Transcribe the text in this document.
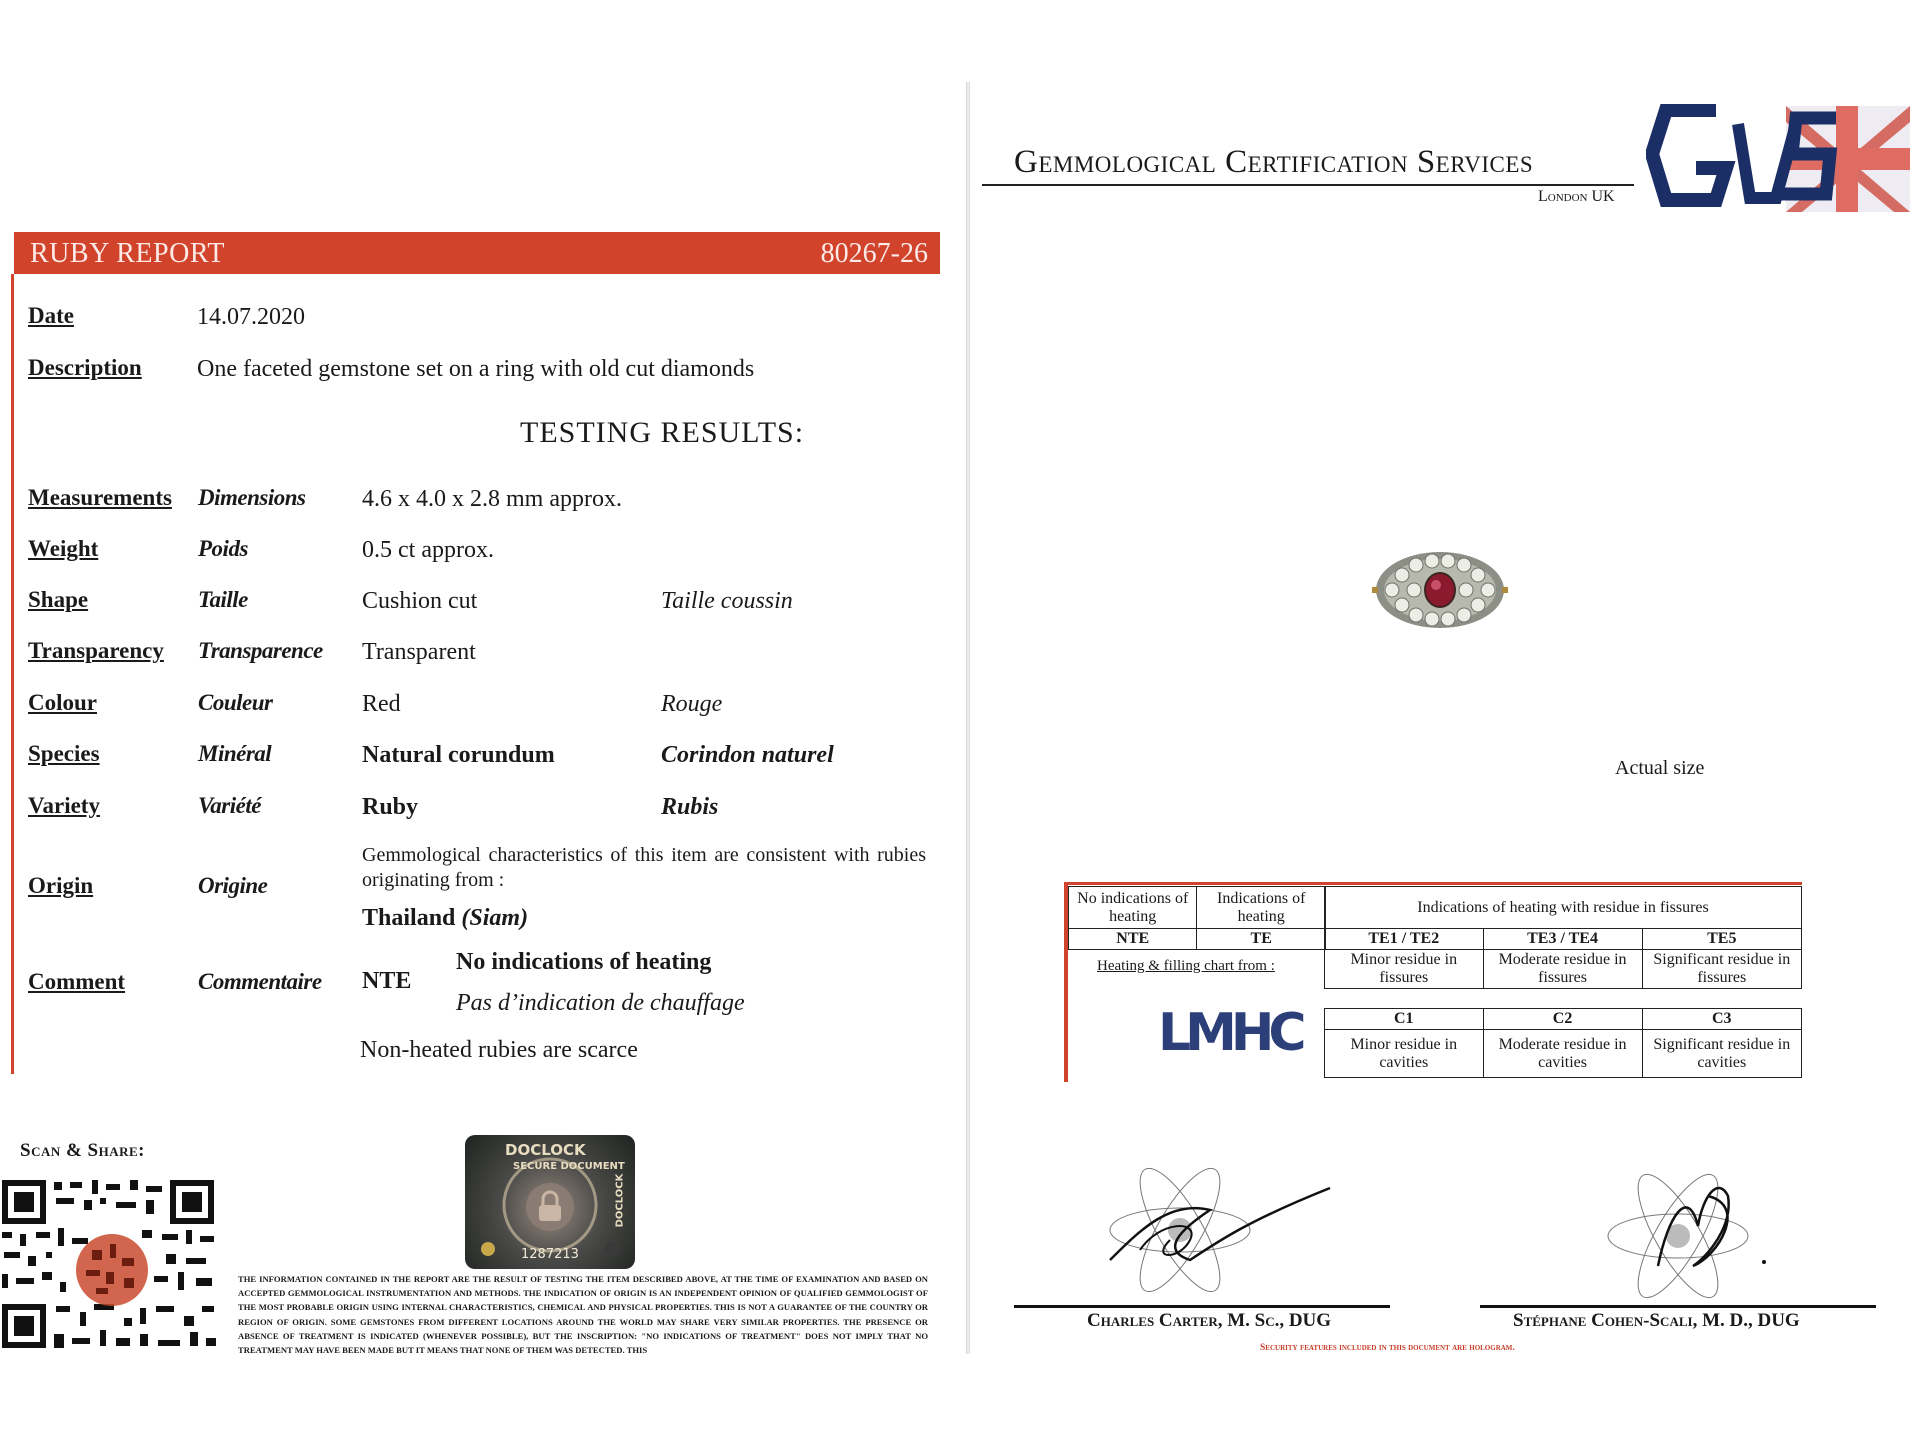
RUBY REPORT	80267-26
Date	14.07.2020
Description One faceted gemstone set on a ring with old cut diamonds
TESTING RESULTS:
Measurements Dimensions 4.6 x 4.0 x 2.8 mm approx.
Weight	Poids	0.5 ct approx.
Shape	Taille	Cushion cut	Taille coussin
Transparency Transparence Transparent
Colour	Couleur	Red	Rouge
Species	Minéral	Natural corundum	Corindon naturel
Variety	Variété	Ruby	Rubis
Origin	Origine
Gemmological characteristics of this item are consistent with rubies originating from :
Thailand (Siam)
Comment	Commentaire NTE
No indications of heating
Pas d’indication de chauffage
Non-heated rubies are scarce
Scan & Share:	DOCLOCK
SECURE DOCUMENT
DOCLOCK
1287213
THE INFORMATION CONTAINED IN THE REPORT ARE THE RESULT OF TESTING THE ITEM DESCRIBED ABOVE, AT THE TIME OF EXAMINATION AND BASED ON ACCEPTED GEMMOLOGICAL INSTRUMENTATION AND METHODS. THE INDICATION OF ORIGIN IS AN INDEPENDENT OPINION OF QUALIFIED GEMMOLOGIST OF THE MOST PROBABLE ORIGIN USING INTERNAL CHARACTERISTICS, CHEMICAL AND PHYSICAL PROPERTIES. THIS IS NOT A GUARANTEE OF THE COUNTRY OR REGION OF ORIGIN. SOME GEMSTONES FROM DIFFERENT LOCATIONS AROUND THE WORLD MAY SHARE VERY SIMILAR PROPERTIES. THE PRESENCE OR ABSENCE OF TREATMENT IS INDICATED (WHENEVER POSSIBLE), BUT THE INSCRIPTION: "NO INDICATIONS OF TREATMENT" DOES NOT IMPLY THAT NO TREATMENT MAY HAVE BEEN MADE BUT IT MEANS THAT NONE OF THEM WAS DETECTED. THIS
Gemmological Certification Services
London UK
Actual size
No indications of heating	Indications of heating
NTE	TE
Indications of heating with residue in fissures		
TE1 / TE2	TE3 / TE4	TE5
Minor residue in fissures	Moderate residue in fissures	Significant residue in fissures
Heating & filling chart from :
LMHC	C1	C2	C3
Minor residue in cavities	Moderate residue in cavities	Significant residue in cavities
Charles Carter, M. Sc., DUG	Stéphane Cohen-Scali, M. D., DUG
Security features included in this document are hologram.
